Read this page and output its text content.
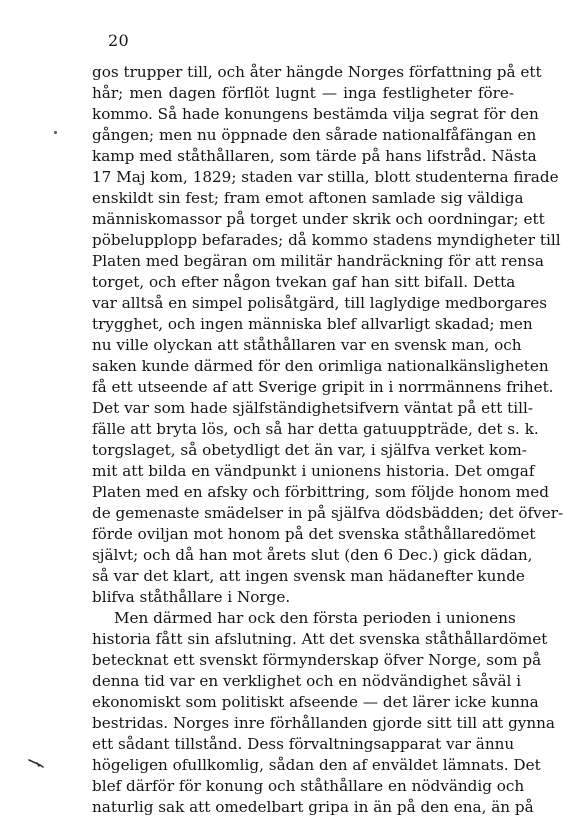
20
gos trupper till, och åter hängde Norges författning på ett
hår; men dagen förflöt lugnt — inga festligheter före-
kommo. Så hade konungens bestämda vilja segrat för den
gången; men nu öppnade den sårade nationalfåfängan en
kamp med ståthållaren, som tärde på hans lifstråd. Nästa
17 Maj kom, 1829; staden var stilla, blott studenterna firade
enskildt sin fest; fram emot aftonen samlade sig väldiga
människomassor på torget under skrik och oordningar; ett
pöbelupplopp befarades; då kommo stadens myndigheter till
Platen med begäran om militär handräckning för att rensa
torget, och efter någon tvekan gaf han sitt bifall. Detta
var alltså en simpel polisåtgärd, till laglydige medborgares
trygghet, och ingen människa blef allvarligt skadad; men
nu ville olyckan att ståthållaren var en svensk man, och
saken kunde därmed för den orimliga nationalkänsligheten
få ett utseende af att Sverige gripit in i norrmännens frihet.
Det var som hade själfständighetsifvern väntat på ett till-
fälle att bryta lös, och så har detta gatuuppträde, det s. k.
torgslaget, så obetydligt det än var, i själfva verket kom-
mit att bilda en vändpunkt i unionens historia. Det omgaf
Platen med en afsky och förbittring, som följde honom med
de gemenaste smädelser in på själfva dödsbädden; det öfver-
förde oviljan mot honom på det svenska ståthållaredömet
självt; och då han mot årets slut (den 6 Dec.) gick dädan,
så var det klart, att ingen svensk man hädanefter kunde
blifva ståthållare i Norge.
Men därmed har ock den första perioden i unionens
historia fått sin afslutning. Att det svenska ståthållardömet
betecknat ett svenskt förmynderskap öfver Norge, som på
denna tid var en verklighet och en nödvändighet såväl i
ekonomiskt som politiskt afseende — det lärer icke kunna
bestridas. Norges inre förhållanden gjorde sitt till att gynna
ett sådant tillstånd. Dess förvaltningsapparat var ännu
högeligen ofullkomlig, sådan den af enväldet lämnats. Det
blef därför för konung och ståthållare en nödvändig och
naturlig sak att omedelbart gripa in än på den ena, än på
